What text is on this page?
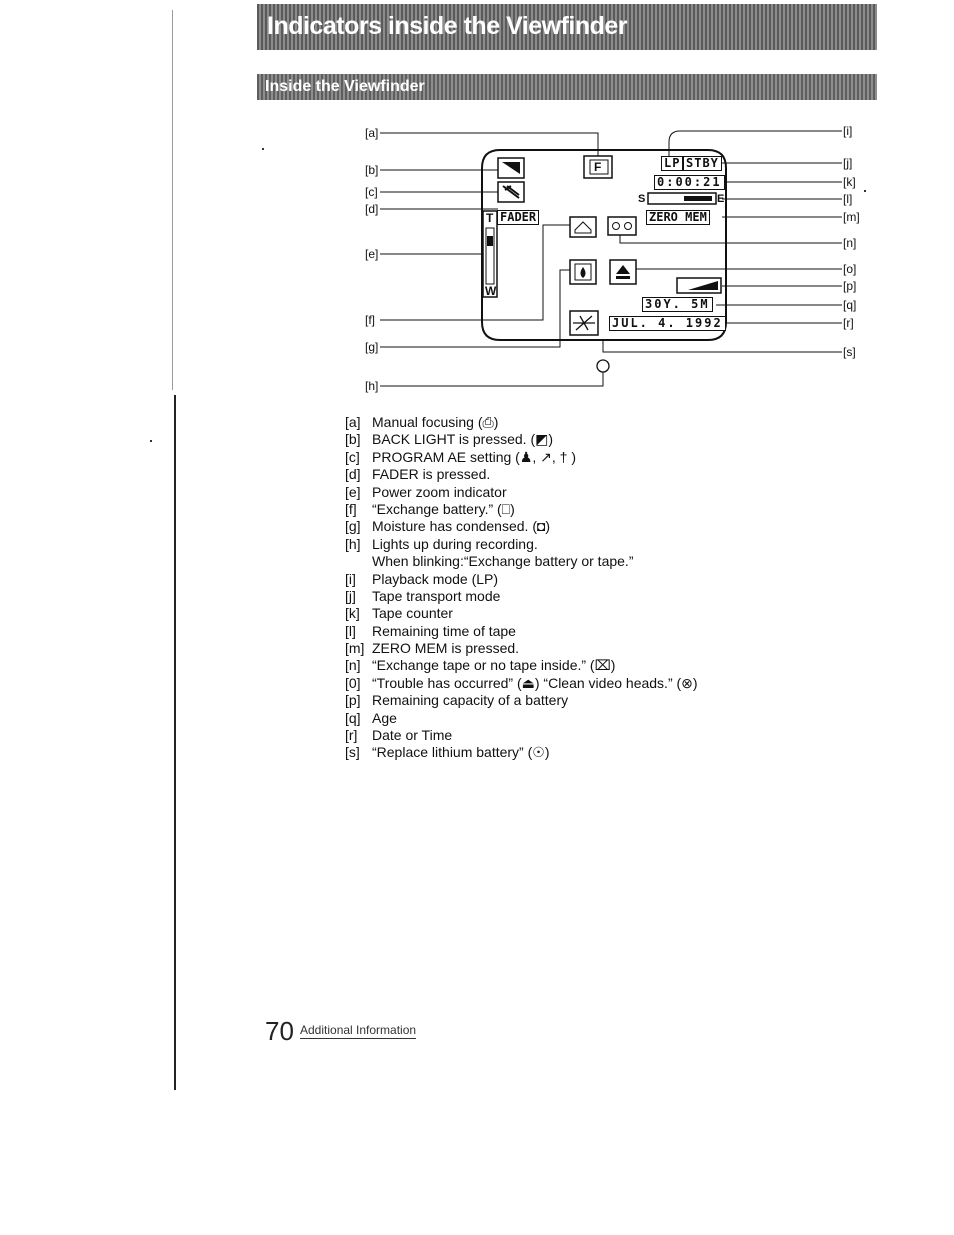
Indicators inside the Viewfinder
Inside the Viewfinder
[a]
[b]
[c]
[d]
[e]
[f]
[g]
[h]
[i]
[j]
[k]
[l]
[m]
[n]
[o]
[p]
[q]
[r]
[s]
LP STBY
0:00:21
S	E
ZERO MEM
FADER
T
W
30Y. 5M
JUL. 4. 1992
F
[a] Manual focusing (⎙)
[b] BACK LIGHT is pressed. (◩)
[c] PROGRAM AE setting (♟, ↗, † )
[d] FADER is pressed.
[e] Power zoom indicator
[f] “Exchange battery.” (⎕)
[g] Moisture has condensed. (◘)
[h] Lights up during recording.
When blinking:“Exchange battery or tape.”
[i] Playback mode (LP)
[j] Tape transport mode
[k] Tape counter
[l] Remaining time of tape
[m] ZERO MEM is pressed.
[n] “Exchange tape or no tape inside.” (⌧)
[0] “Trouble has occurred” (⏏) “Clean video heads.” (⊗)
[p] Remaining capacity of a battery
[q] Age
[r] Date or Time
[s] “Replace lithium battery” (☉)
70 Additional Information
